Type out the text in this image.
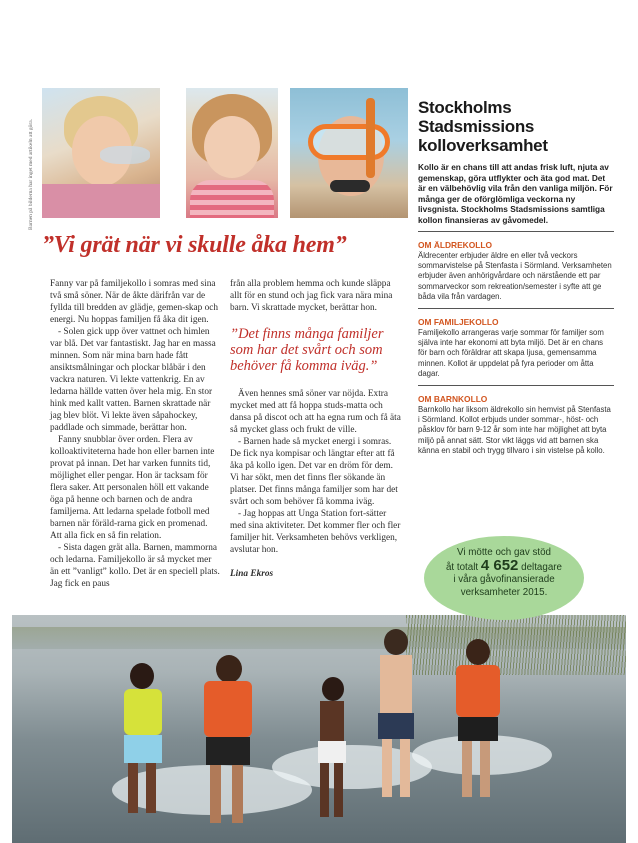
Barnen på bilderna har inget med artikeln att göra.
”Vi grät när vi skulle åka hem”

Fanny var på familjekollo i somras med sina två små söner. När de åkte därifrån var de fyllda till bredden av glädje, gemen-skap och energi. Nu hoppas familjen få åka dit igen.

- Solen gick upp över vattnet och himlen var blå. Det var fantastiskt. Jag har en massa minnen. Som när mina barn hade fått ansiktsmålningar och plockar blåbär i den vackra naturen. Vi lekte vattenkrig. En av ledarna hällde vatten över hela mig. En stor hink med kallt vatten. Barnen skrattade när jag blev blöt. Vi lekte även såpahockey, paddlade och simmade, berättar hon.

Fanny snubblar över orden. Flera av kolloaktiviteterna hade hon eller barnen inte provat på innan. Det har varken funnits tid, möjlighet eller pengar. Hon är tacksam för flera saker. Att personalen höll ett vakande öga på henne och barnen och de andra familjerna. Att ledarna spelade fotboll med barnen när föräld-rarna gick en promenad. Att alla fick en så fin relation.

- Sista dagen grät alla. Barnen, mammorna och ledarna. Familjekollo är så mycket mer än ett ”vanligt” kollo. Det är en speciell plats. Jag fick en paus

från alla problem hemma och kunde släppa allt för en stund och jag fick vara nära mina barn. Vi skrattade mycket, berättar hon.

”Det finns många familjer som har det svårt och som behöver få komma iväg.”

Även hennes små söner var nöjda. Extra mycket med att få hoppa studs-matta och dansa på discot och att ha egna rum och få äta så mycket glass och frukt de ville.

- Barnen hade så mycket energi i somras. De fick nya kompisar och längtar efter att få åka på kollo igen. Det var en dröm för dem. Vi har sökt, men det finns fler sökande än platser. Det finns många familjer som har det svårt och som behöver få komma iväg.

- Jag hoppas att Unga Station fort-sätter med sina aktiviteter. Det kommer fler och fler familjer hit. Verksamheten behövs verkligen, avslutar hon.

Lina Ekros

Stockholms Stadsmissions kolloverksamhet
Kollo är en chans till att andas frisk luft, njuta av gemenskap, göra utflykter och äta god mat. Det är en välbehövlig vila från den vanliga miljön. För många ger de oförglömliga veckorna ny livsgnista. Stockholms Stadsmissions samtliga kollon finansieras av gåvomedel.
OM ÄLDREKOLLO
Äldrecenter erbjuder äldre en eller två veckors sommarvistelse på Stenfasta i Sörmland. Verksamheten erbjuder även anhörigvårdare och närstående ett par sommarveckor som rekreation/semester i syfte att ge båda vila från vardagen.
OM FAMILJEKOLLO
Familjekollo arrangeras varje sommar för familjer som själva inte har ekonomi att byta miljö. Det är en chans för barn och föräldrar att skapa ljusa, gemensamma minnen. Kollot är uppdelat på fyra perioder om åtta dagar.
OM BARNKOLLO
Barnkollo har liksom äldrekollo sin hemvist på Stenfasta i Sörmland. Kollot erbjuds under sommar-, höst- och påsklov för barn 9-12 år som inte har möjlighet att byta miljö på annat sätt. Stor vikt läggs vid att barnen ska känna en stabil och trygg tillvaro i sin vistelse på kollo.
Vi mötte och gav stöd
åt totalt 4 652 deltagare
i våra gåvofinansierade
verksamheter 2015.
